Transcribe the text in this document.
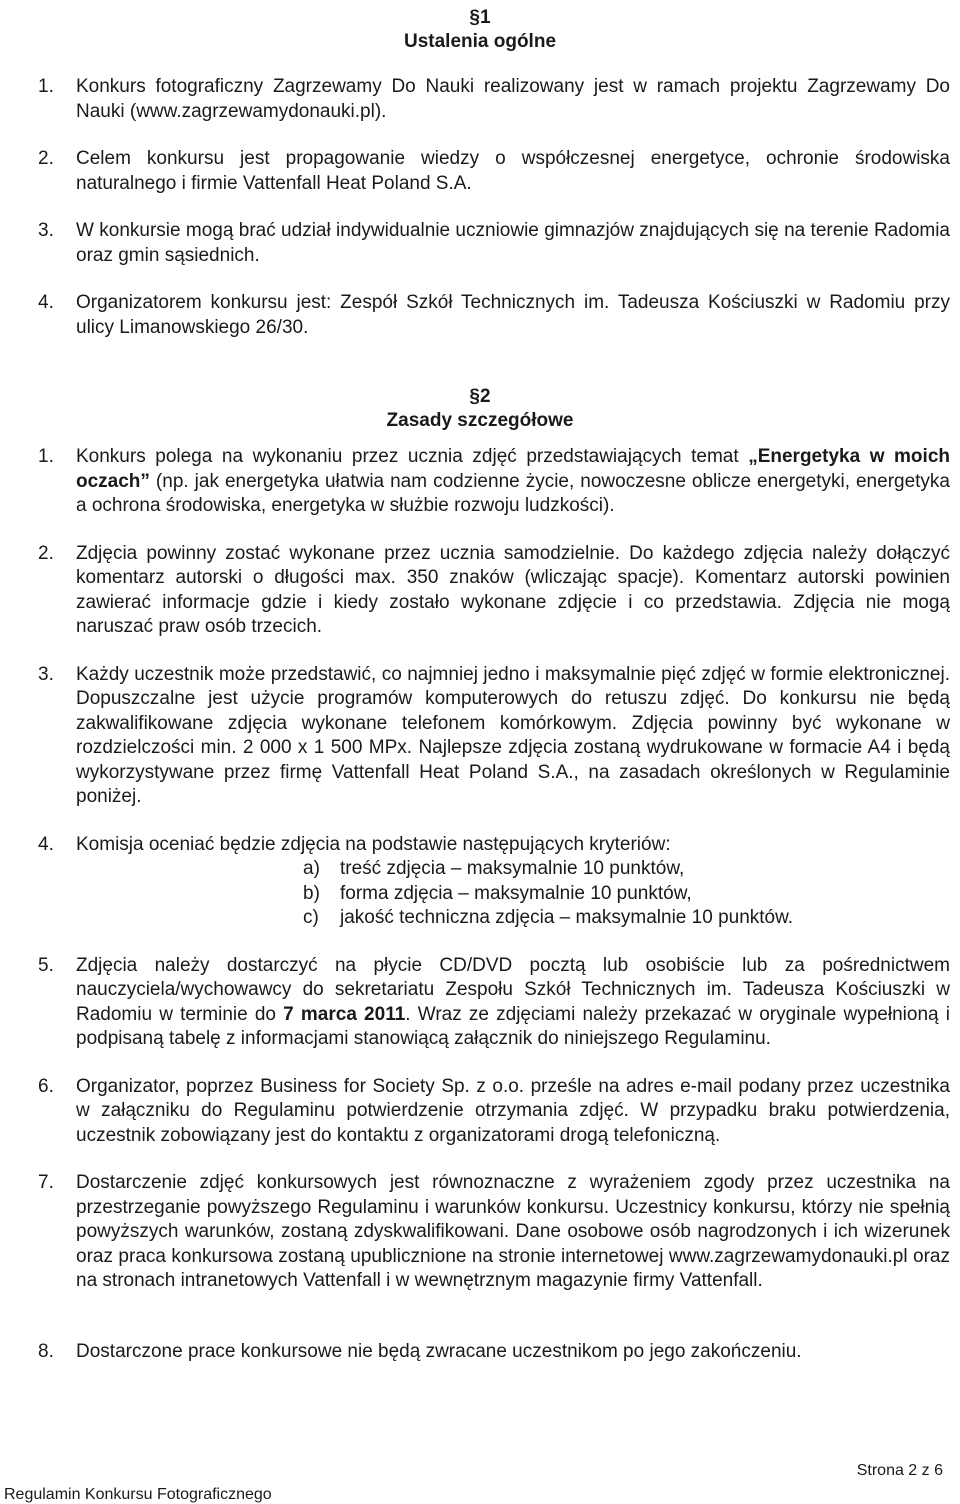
§1
Ustalenia ogólne
1. Konkurs fotograficzny Zagrzewamy Do Nauki realizowany jest w ramach projektu Zagrzewamy Do Nauki (www.zagrzewamydonauki.pl).
2. Celem konkursu jest propagowanie wiedzy o współczesnej energetyce, ochronie środowiska naturalnego i firmie Vattenfall Heat Poland S.A.
3. W konkursie mogą brać udział indywidualnie uczniowie gimnazjów znajdujących się na terenie Radomia oraz gmin sąsiednich.
4. Organizatorem konkursu jest: Zespół Szkół Technicznych im. Tadeusza Kościuszki w Radomiu przy ulicy Limanowskiego 26/30.
§2
Zasady szczegółowe
1. Konkurs polega na wykonaniu przez ucznia zdjęć przedstawiających temat „Energetyka w moich oczach” (np. jak energetyka ułatwia nam codzienne życie, nowoczesne oblicze energetyki, energetyka a ochrona środowiska, energetyka w służbie rozwoju ludzkości).
2. Zdjęcia powinny zostać wykonane przez ucznia samodzielnie. Do każdego zdjęcia należy dołączyć komentarz autorski o długości max. 350 znaków (wliczając spacje). Komentarz autorski powinien zawierać informacje gdzie i kiedy zostało wykonane zdjęcie i co przedstawia. Zdjęcia nie mogą naruszać praw osób trzecich.
3. Każdy uczestnik może przedstawić, co najmniej jedno i maksymalnie pięć zdjęć w formie elektronicznej. Dopuszczalne jest użycie programów komputerowych do retuszu zdjęć. Do konkursu nie będą zakwalifikowane zdjęcia wykonane telefonem komórkowym. Zdjęcia powinny być wykonane w rozdzielczości min. 2 000 x 1 500 MPx. Najlepsze zdjęcia zostaną wydrukowane w formacie A4 i będą wykorzystywane przez firmę Vattenfall Heat Poland S.A., na zasadach określonych w Regulaminie poniżej.
4. Komisja oceniać będzie zdjęcia na podstawie następujących kryteriów:
a) treść zdjęcia – maksymalnie 10 punktów,
b) forma zdjęcia – maksymalnie 10 punktów,
c) jakość techniczna zdjęcia – maksymalnie 10 punktów.
5. Zdjęcia należy dostarczyć na płycie CD/DVD pocztą lub osobiście lub za pośrednictwem nauczyciela/wychowawcy do sekretariatu Zespołu Szkół Technicznych im. Tadeusza Kościuszki w Radomiu w terminie do 7 marca 2011. Wraz ze zdjęciami należy przekazać w oryginale wypełnioną i podpisaną tabelę z informacjami stanowiącą załącznik do niniejszego Regulaminu.
6. Organizator, poprzez Business for Society Sp. z o.o. prześle na adres e-mail podany przez uczestnika w załączniku do Regulaminu potwierdzenie otrzymania zdjęć. W przypadku braku potwierdzenia, uczestnik zobowiązany jest do kontaktu z organizatorami drogą telefoniczną.
7. Dostarczenie zdjęć konkursowych jest równoznaczne z wyrażeniem zgody przez uczestnika na przestrzeganie powyższego Regulaminu i warunków konkursu. Uczestnicy konkursu, którzy nie spełnią powyższych warunków, zostaną zdyskwalifikowani. Dane osobowe osób nagrodzonych i ich wizerunek oraz praca konkursowa zostaną upublicznione na stronie internetowej www.zagrzewamydonauki.pl oraz na stronach intranetowych Vattenfall i w wewnętrznym magazynie firmy Vattenfall.
8. Dostarczone prace konkursowe nie będą zwracane uczestnikom po jego zakończeniu.
Strona 2 z 6
Regulamin Konkursu Fotograficznego
